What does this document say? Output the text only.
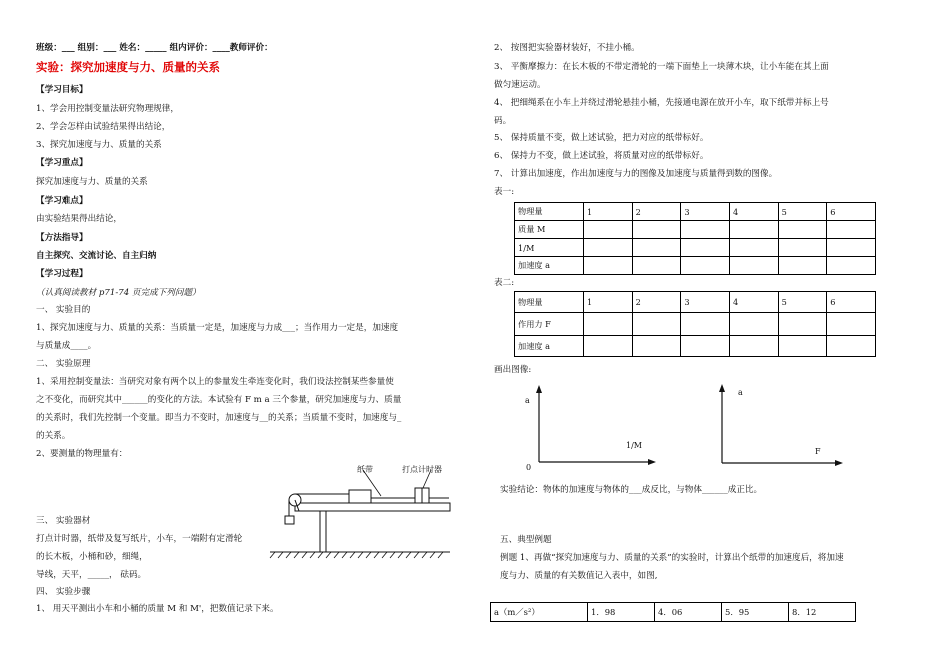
班级：___ 组别：___ 姓名：_____ 组内评价：____教师评价：
实验：探究加速度与力、质量的关系
【学习目标】
1、学会用控制变量法研究物理规律，
2、学会怎样由试验结果得出结论，
3、探究加速度与力、质量的关系
【学习重点】
探究加速度与力、质量的关系
【学习难点】
由实验结果得出结论，
【方法指导】
自主探究、交流讨论、自主归纳
【学习过程】
（认真阅读教材 p71-74 页完成下列问题）
一、 实验目的
1、探究加速度与力、质量的关系：当质量一定是，加速度与力成___；当作用力一定是，加速度
与质量成____。
二、 实验原理
1、采用控制变量法：当研究对象有两个以上的参量发生牵连变化时，我们设法控制某些参量使
之不变化，而研究其中______的变化的方法。本试验有 F m a 三个参量，研究加速度与力、质量
的关系时，我们先控制一个变量。即当力不变时，加速度与__的关系；当质量不变时，加速度与_
的关系。
2、要测量的物理量有：
纸带	打点计时器
三、 实验器材
打点计时器，纸带及复写纸片，小车，一端附有定滑轮
的长木板，小桶和砂，细绳，
导线，天平，_____， 砝码。
四、 实验步骤
1、 用天平测出小车和小桶的质量 M 和 M'，把数值记录下来。
2、 按图把实验器材装好，不挂小桶。
3、 平衡摩擦力：在长木板的不带定滑轮的一端下面垫上一块薄木块，让小车能在其上面
做匀速运动。
4、 把细绳系在小车上并绕过滑轮悬挂小桶，先接通电源在放开小车，取下纸带并标上号
码。
5、 保持质量不变，做上述试验，把力对应的纸带标好。
6、 保持力不变，做上述试验，将质量对应的纸带标好。
7、 计算出加速度，作出加速度与力的图像及加速度与质量得到数的图像。
表一:
物理量	1	2	3	4	5	6
质量 M						
1/M						
加速度 a						
表二:
物理量	1	2	3	4	5	6
作用力 F						
加速度 a						
画出图像:
a
1/M
0
a
F
实验结论：物体的加速度与物体的___成反比，与物体______成正比。
五、典型例题
例题 1、再做“探究加速度与力、质量的关系”的实验时，计算出个纸带的加速度后，将加速
度与力、质量的有关数值记入表中，如图,
a（m／s²）	1．98	4．06	5．95	8．12
